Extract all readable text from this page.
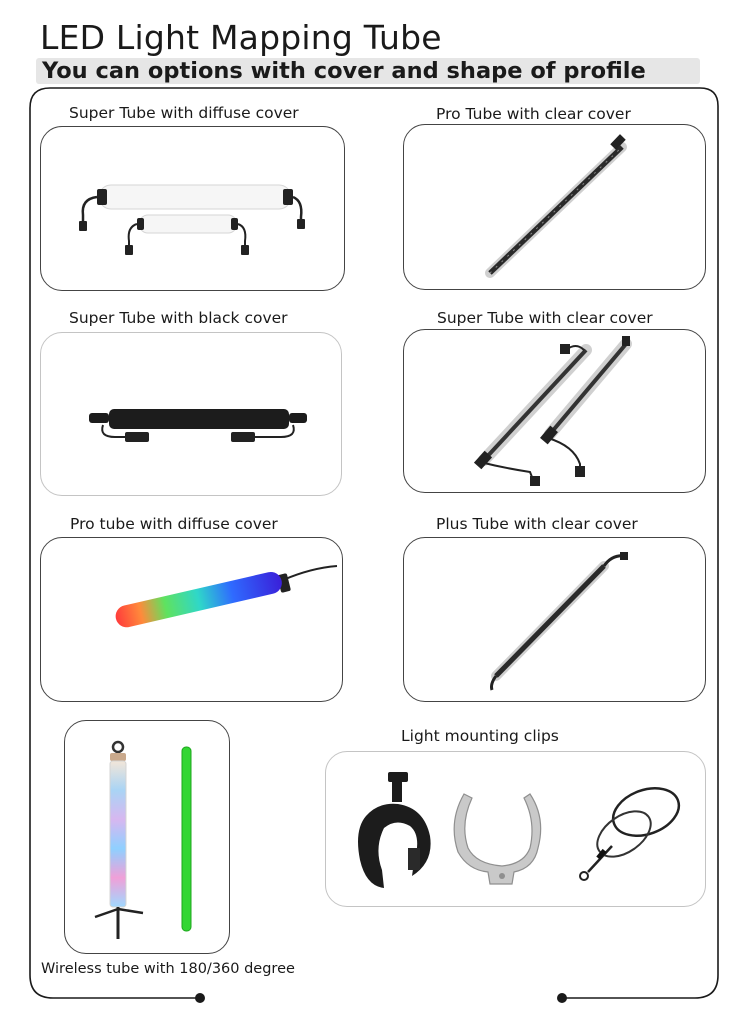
LED Light Mapping Tube
You can options with cover and shape of profile
Super Tube with diffuse cover	Pro Tube with clear cover
Super Tube with black cover	Super Tube with clear cover
Pro tube with diffuse cover	Plus Tube with clear cover
Wireless tube with 180/360 degree
Light mounting clips
